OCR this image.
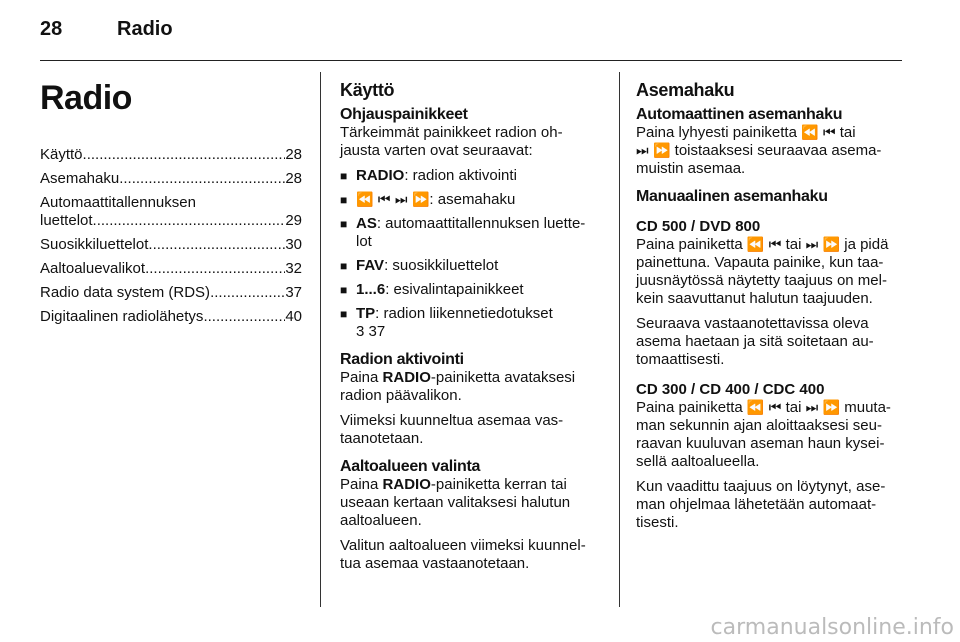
28	Radio
Radio
Käyttö .....	28
Asemahaku .....	28
Automaattitallennuksen
luettelot .....	29
Suosikkiluettelot .....	30
Aaltoaluevalikot .....	32
Radio data system (RDS) .....	37
Digitaalinen radiolähetys .....	40
Käyttö
Ohjauspainikkeet

Tärkeimmät painikkeet radion oh- jausta varten ovat seuraavat:

■ RADIO: radion aktivointi
■ ⏪ ⏮ ⏭ ⏩: asemahaku
■ AS: automaattitallennuksen luette- lot
■ FAV: suosikkiluettelot
■ 1...6: esivalintapainikkeet
■ TP: radion liikennetiedotukset
3 37
Radion aktivointi

Paina RADIO-painiketta avataksesi radion päävalikon.

Viimeksi kuunneltua asemaa vas- taanotetaan.

Aaltoalueen valinta

Paina RADIO-painiketta kerran tai useaan kertaan valitaksesi halutun aaltoalueen.

Valitun aaltoalueen viimeksi kuunnel- tua asemaa vastaanotetaan.

Asemahaku
Automaattinen asemanhaku

Paina lyhyesti painiketta ⏪ ⏮ tai
⏭ ⏩ toistaaksesi seuraavaa asema- muistin asemaa.

Manuaalinen asemanhaku
CD 500 / DVD 800

Paina painiketta ⏪ ⏮ tai ⏭ ⏩ ja pidä painettuna. Vapauta painike, kun taa- juusnäytössä näytetty taajuus on mel- kein saavuttanut halutun taajuuden.

Seuraava vastaanotettavissa oleva asema haetaan ja sitä soitetaan au- tomaattisesti.

CD 300 / CD 400 / CDC 400

Paina painiketta ⏪ ⏮ tai ⏭ ⏩ muuta- man sekunnin ajan aloittaaksesi seu- raavan kuuluvan aseman haun kysei- sellä aaltoalueella.

Kun vaadittu taajuus on löytynyt, ase- man ohjelmaa lähetetään automaat- tisesti.

carmanualsonline.info
